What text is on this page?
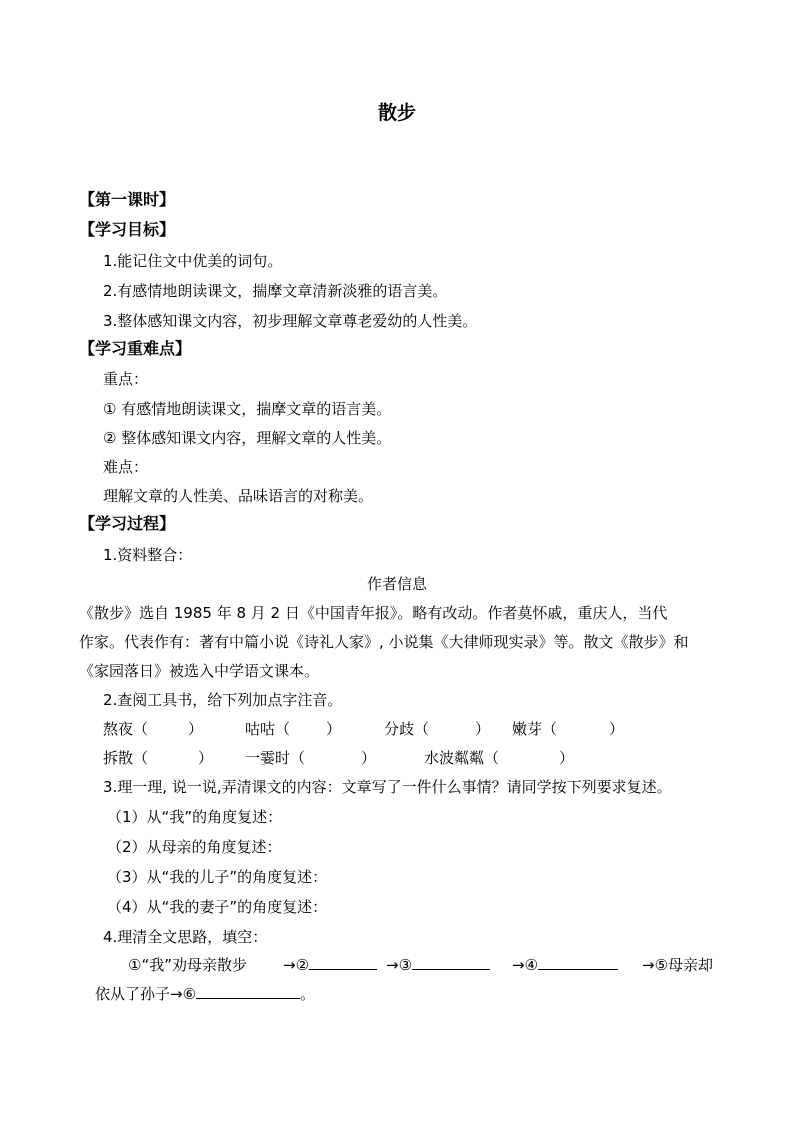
散步
【第一课时】
【学习目标】
1.能记住文中优美的词句。
2.有感情地朗读课文，揣摩文章清新淡雅的语言美。
3.整体感知课文内容，初步理解文章尊老爱幼的人性美。
【学习重难点】
重点：
① 有感情地朗读课文，揣摩文章的语言美。
② 整体感知课文内容，理解文章的人性美。
难点：
理解文章的人性美、品味语言的对称美。
【学习过程】
1.资料整合：
作者信息
《散步》选自 1985 年 8 月 2 日《中国青年报》。略有改动。作者莫怀戚，重庆人，当代
作家。代表作有：著有中篇小说《诗礼人家》, 小说集《大律师现实录》等。散文《散步》和
《家园落日》被选入中学语文课本。
2.查阅工具书，给下列加点字注音。
熬夜（	）	咕咕（ ）	分歧（	） 嫩芽（	）
拆散（	） 一霎时（	）	水波粼粼（	）
3.理一理, 说一说,弄清课文的内容：文章写了一件什么事情？请同学按下列要求复述。
（1）从“我”的角度复述：
（2）从母亲的角度复述：
（3）从“我的儿子”的角度复述：
（4）从“我的妻子”的角度复述：
4.理清全文思路，填空：
①“我”劝母亲散步 →②	→③	→④	→⑤母亲却
依从了孙子→⑥	。
